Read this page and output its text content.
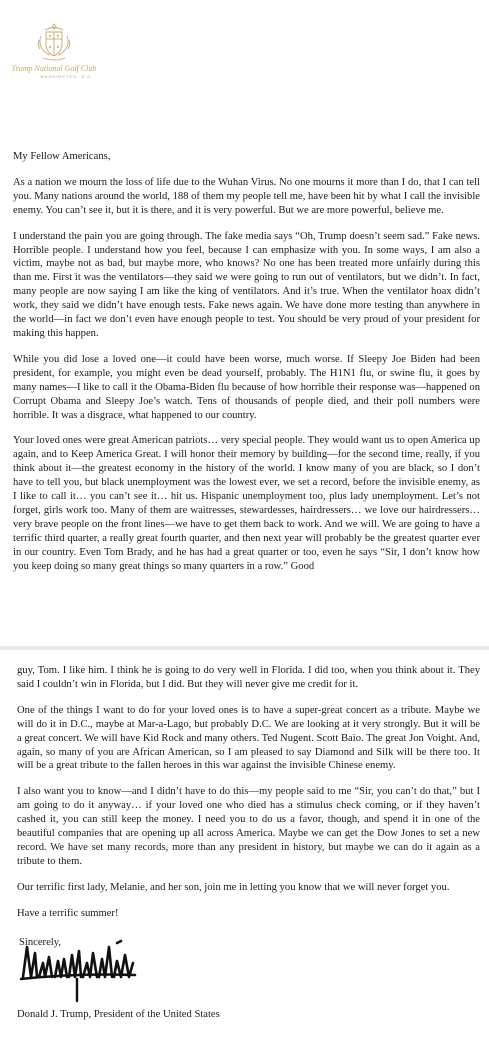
Trump National Golf Club
WASHINGTON, D.C.

My Fellow Americans,

As a nation we mourn the loss of life due to the Wuhan Virus. No one mourns it more than I do, that I can tell you. Many nations around the world, 188 of them my people tell me, have been hit by what I call the invisible enemy. You can’t see it, but it is there, and it is very powerful. But we are more powerful, believe me.

I understand the pain you are going through. The fake media says “Oh, Trump doesn’t seem sad.” Fake news. Horrible people. I understand how you feel, because I can emphasize with you. In some ways, I am also a victim, maybe not as bad, but maybe more, who knows? No one has been treated more unfairly during this than me. First it was the ventilators—they said we were going to run out of ventilators, but we didn’t. In fact, many people are now saying I am like the king of ventilators. And it’s true. When the ventilator hoax didn’t work, they said we didn’t have enough tests. Fake news again. We have done more testing than anywhere in the world—in fact we don’t even have enough people to test. You should be very proud of your president for making this happen.

While you did lose a loved one—it could have been worse, much worse. If Sleepy Joe Biden had been president, for example, you might even be dead yourself, probably. The H1N1 flu, or swine flu, it goes by many names—I like to call it the Obama-Biden flu because of how horrible their response was—happened on Corrupt Obama and Sleepy Joe’s watch. Tens of thousands of people died, and their poll numbers were horrible. It was a disgrace, what happened to our country.

Your loved ones were great American patriots… very special people. They would want us to open America up again, and to Keep America Great. I will honor their memory by building—for the second time, really, if you think about it—the greatest economy in the history of the world. I know many of you are black, so I don’t have to tell you, but black unemployment was the lowest ever, we set a record, before the invisible enemy, as I like to call it… you can’t see it… hit us. Hispanic unemployment too, plus lady unemployment. Let’s not forget, girls work too. Many of them are waitresses, stewardesses, hairdressers… we love our hairdressers… very brave people on the front lines—we have to get them back to work. And we will. We are going to have a terrific third quarter, a really great fourth quarter, and then next year will probably be the greatest quarter ever in our country. Even Tom Brady, and he has had a great quarter or too, even he says “Sir, I don’t know how you keep doing so many great things so many quarters in a row.” Good

guy, Tom. I like him. I think he is going to do very well in Florida. I did too, when you think about it. They said I couldn’t win in Florida, but I did. But they will never give me credit for it.

One of the things I want to do for your loved ones is to have a super-great concert as a tribute. Maybe we will do it in D.C., maybe at Mar-a-Lago, but probably D.C. We are looking at it very strongly. But it will be a great concert. We will have Kid Rock and many others. Ted Nugent. Scott Baio. The great Jon Voight. And, again, so many of you are African American, so I am pleased to say Diamond and Silk will be there too. It will be a great tribute to the fallen heroes in this war against the invisible Chinese enemy.

I also want you to know—and I didn’t have to do this—my people said to me “Sir, you can’t do that,” but I am going to do it anyway… if your loved one who died has a stimulus check coming, or if they haven’t cashed it, you can still keep the money. I need you to do us a favor, though, and spend it in one of the beautiful companies that are opening up all across America. Maybe we can get the Dow Jones to set a new record. We have set many records, more than any president in history, but maybe we can do it again as a tribute to them.

Our terrific first lady, Melanie, and her son, join me in letting you know that we will never forget you.

Have a terrific summer!

Sincerely,
Donald J. Trump, President of the United States
